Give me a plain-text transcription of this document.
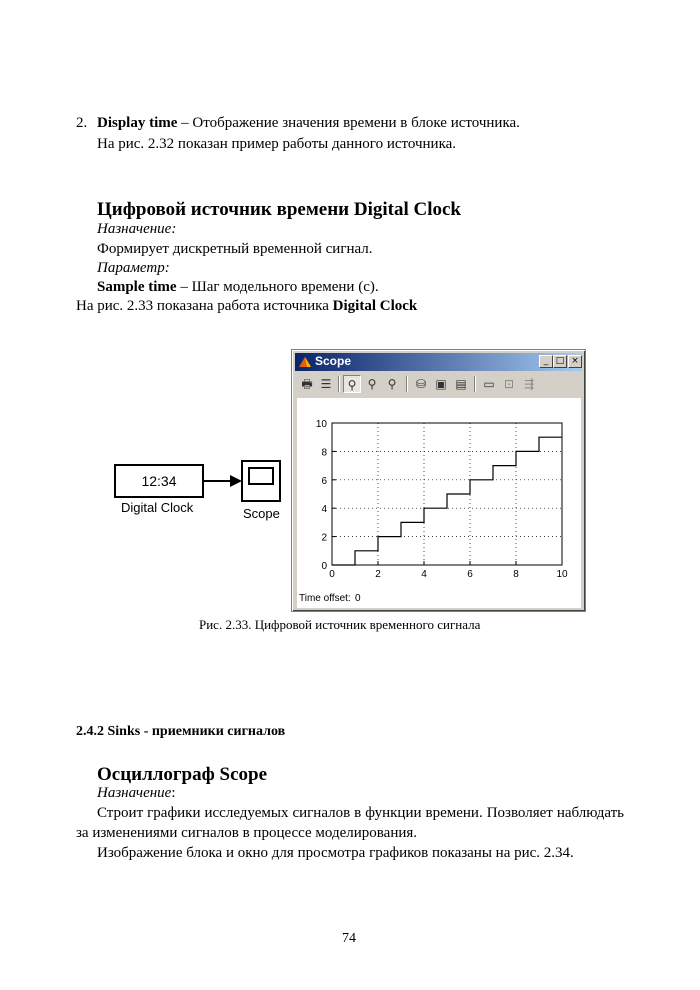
2. Display time – Отображение значения времени в блоке источника.
На рис. 2.32 показан пример работы данного источника.
Цифровой источник времени Digital Clock
Назначение:
Формирует дискретный временной сигнал.
Параметр:
Sample time – Шаг модельного времени (с).
На рис. 2.33 показана работа источника Digital Clock
12:34
Digital Clock	Scope
Scope	_ □ ×
🖶 ☰	⚲ ⚲ ⚲	⛁ ▣ ▤ ▭ ⊡ ⇶
0	2	4	6	8	10
0
2
4
6
8
10
Time offset: 0
Рис. 2.33. Цифровой источник временного сигнала
2.4.2 Sinks - приемники сигналов
Осциллограф Scope
Назначение:
Строит графики исследуемых сигналов в функции времени. Позволяет наблюдать за изменениями сигналов в процессе моделирования.
Изображение блока и окно для просмотра графиков показаны на рис. 2.34.
74
